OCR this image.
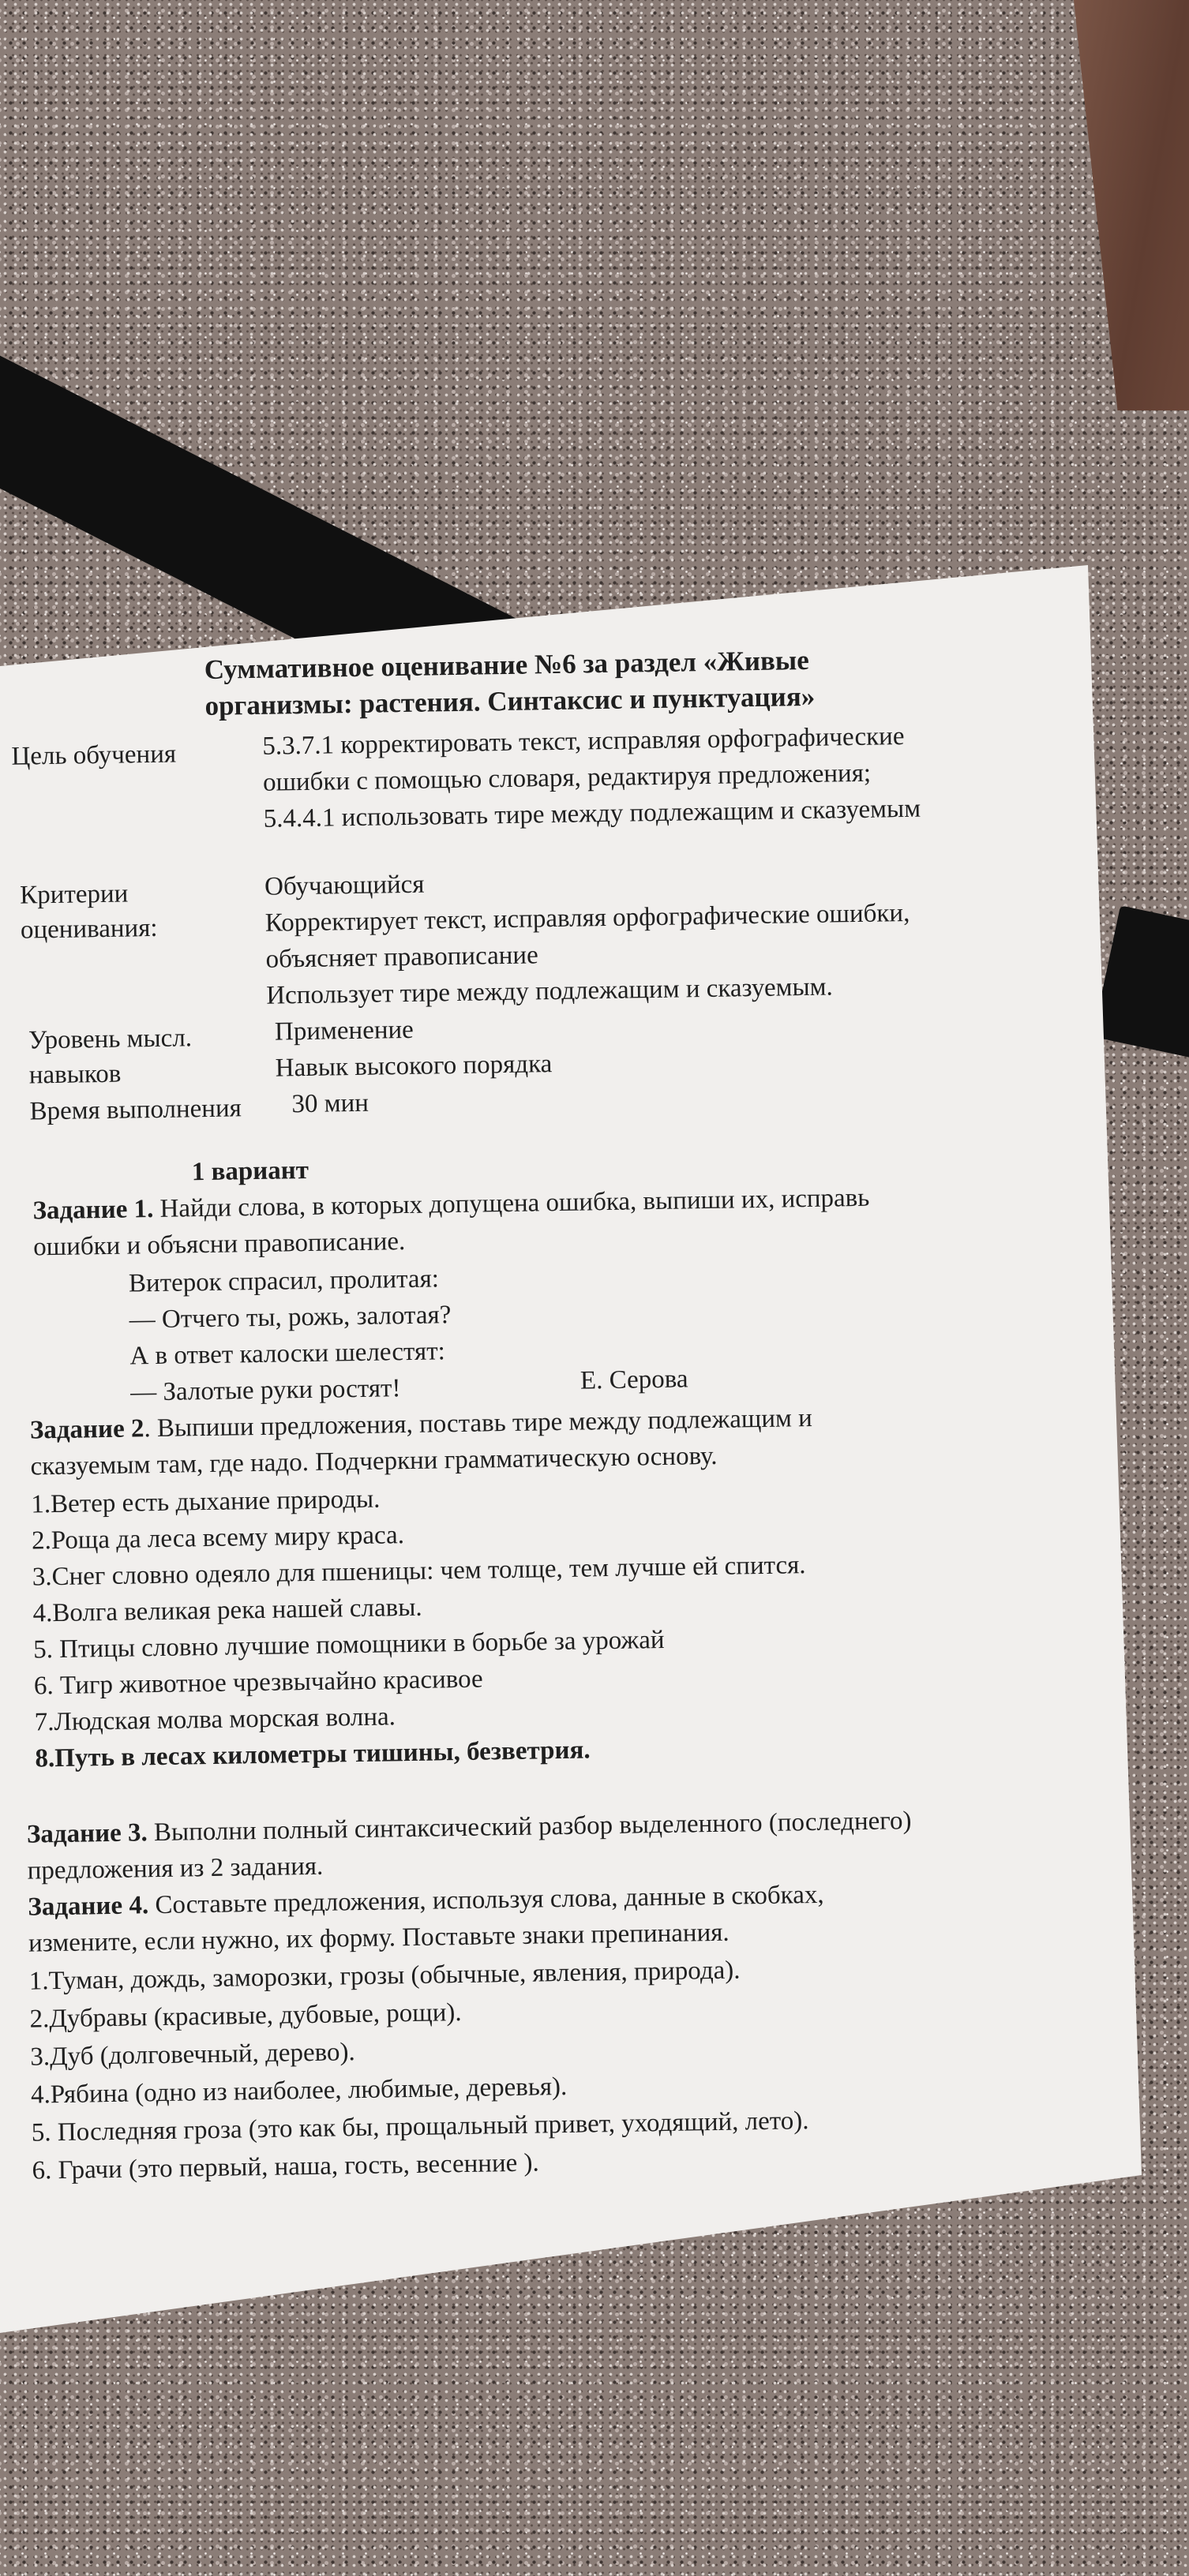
Суммативное оценивание №6 за раздел «Живые
организмы: растения. Синтаксис и пунктуация»
Цель обучения	5.3.7.1 корректировать текст, исправляя орфографические
ошибки с помощью словаря, редактируя предложения;
5.4.4.1 использовать тире между подлежащим и сказуемым
Критерии
оценивания:
Обучающийся
Корректирует текст, исправляя орфографические ошибки,
объясняет правописание
Использует тире между подлежащим и сказуемым.
Уровень мысл.
навыков
Применение
Навык высокого порядка
Время выполнения 30 мин
1 вариант
Задание 1. Найди слова, в которых допущена ошибка, выпиши их, исправь
ошибки и объясни правописание.
Витерок спрасил, пролитая:
— Отчего ты, рожь, залотая?
А в ответ калоски шелестят:
— Залотые руки ростят!	Е. Серова
Задание 2. Выпиши предложения, поставь тире между подлежащим и
сказуемым там, где надо. Подчеркни грамматическую основу.
1.Ветер есть дыхание природы.
2.Роща да леса всему миру краса.
3.Снег словно одеяло для пшеницы: чем толще, тем лучше ей спится.
4.Волга великая река нашей славы.
5. Птицы словно лучшие помощники в борьбе за урожай
6. Тигр животное чрезвычайно красивое
7.Людская молва морская волна.
8.Путь в лесах километры тишины, безветрия.
Задание 3. Выполни полный синтаксический разбор выделенного (последнего)
предложения из 2 задания.
Задание 4. Составьте предложения, используя слова, данные в скобках,
измените, если нужно, их форму. Поставьте знаки препинания.
1.Туман, дождь, заморозки, грозы (обычные, явления, природа).
2.Дубравы (красивые, дубовые, рощи).
3.Дуб (долговечный, дерево).
4.Рябина (одно из наиболее, любимые, деревья).
5. Последняя гроза (это как бы, прощальный привет, уходящий, лето).
6. Грачи (это первый, наша, гость, весенние ).
